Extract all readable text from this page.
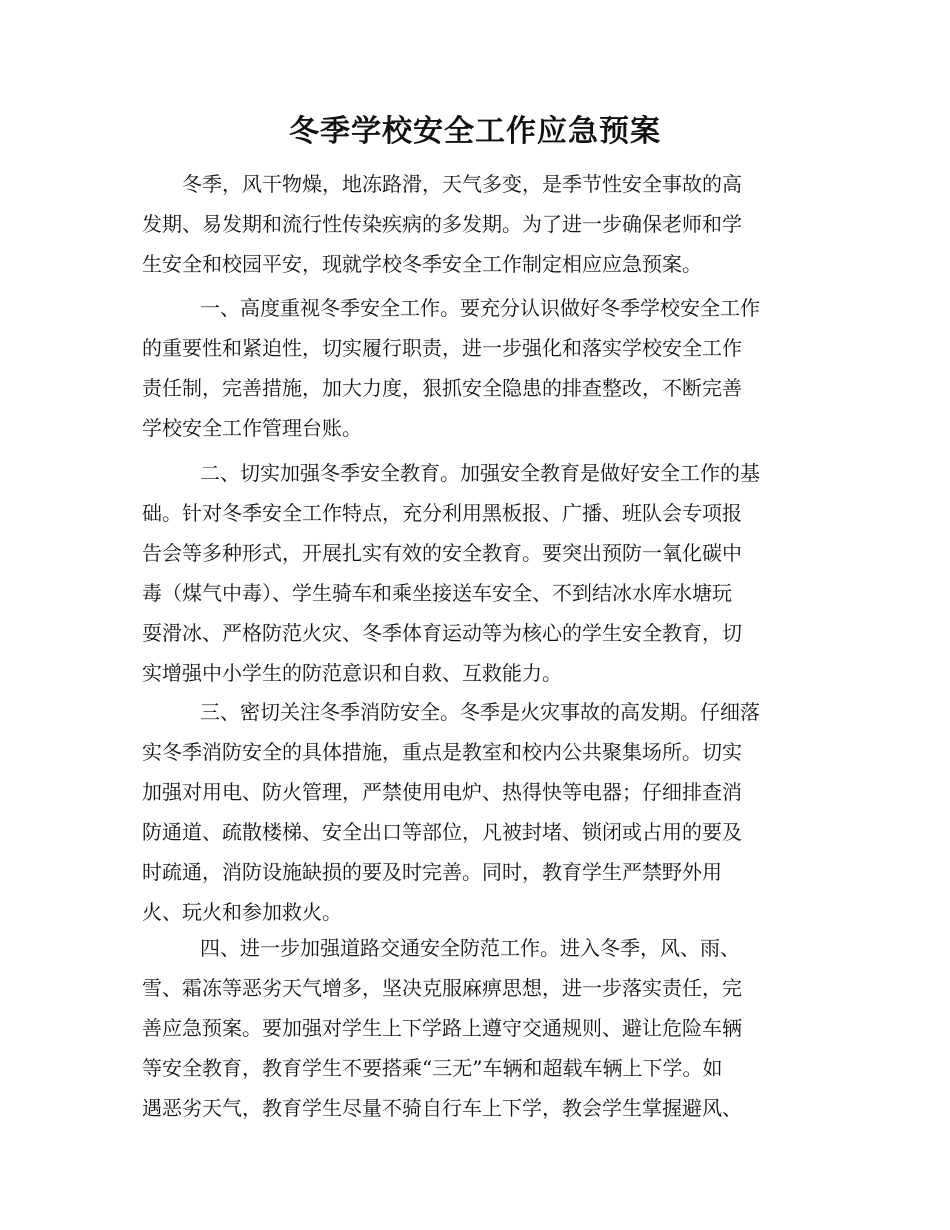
冬季学校安全工作应急预案
冬季，风干物燥，地冻路滑，天气多变，是季节性安全事故的高
发期、易发期和流行性传染疾病的多发期。为了进一步确保老师和学
生安全和校园平安，现就学校冬季安全工作制定相应应急预案。
一、高度重视冬季安全工作。要充分认识做好冬季学校安全工作
的重要性和紧迫性，切实履行职责，进一步强化和落实学校安全工作
责任制，完善措施，加大力度，狠抓安全隐患的排查整改，不断完善
学校安全工作管理台账。
二、切实加强冬季安全教育。加强安全教育是做好安全工作的基
础。针对冬季安全工作特点，充分利用黑板报、广播、班队会专项报
告会等多种形式，开展扎实有效的安全教育。要突出预防一氧化碳中
毒（煤气中毒）、学生骑车和乘坐接送车安全、不到结冰水库水塘玩
耍滑冰、严格防范火灾、冬季体育运动等为核心的学生安全教育，切
实增强中小学生的防范意识和自救、互救能力。
三、密切关注冬季消防安全。冬季是火灾事故的高发期。仔细落
实冬季消防安全的具体措施，重点是教室和校内公共聚集场所。切实
加强对用电、防火管理，严禁使用电炉、热得快等电器；仔细排查消
防通道、疏散楼梯、安全出口等部位，凡被封堵、锁闭或占用的要及
时疏通，消防设施缺损的要及时完善。同时，教育学生严禁野外用
火、玩火和参加救火。
四、进一步加强道路交通安全防范工作。进入冬季，风、雨、
雪、霜冻等恶劣天气增多，坚决克服麻痹思想，进一步落实责任，完
善应急预案。要加强对学生上下学路上遵守交通规则、避让危险车辆
等安全教育，教育学生不要搭乘“三无”车辆和超载车辆上下学。如
遇恶劣天气，教育学生尽量不骑自行车上下学，教会学生掌握避风、
